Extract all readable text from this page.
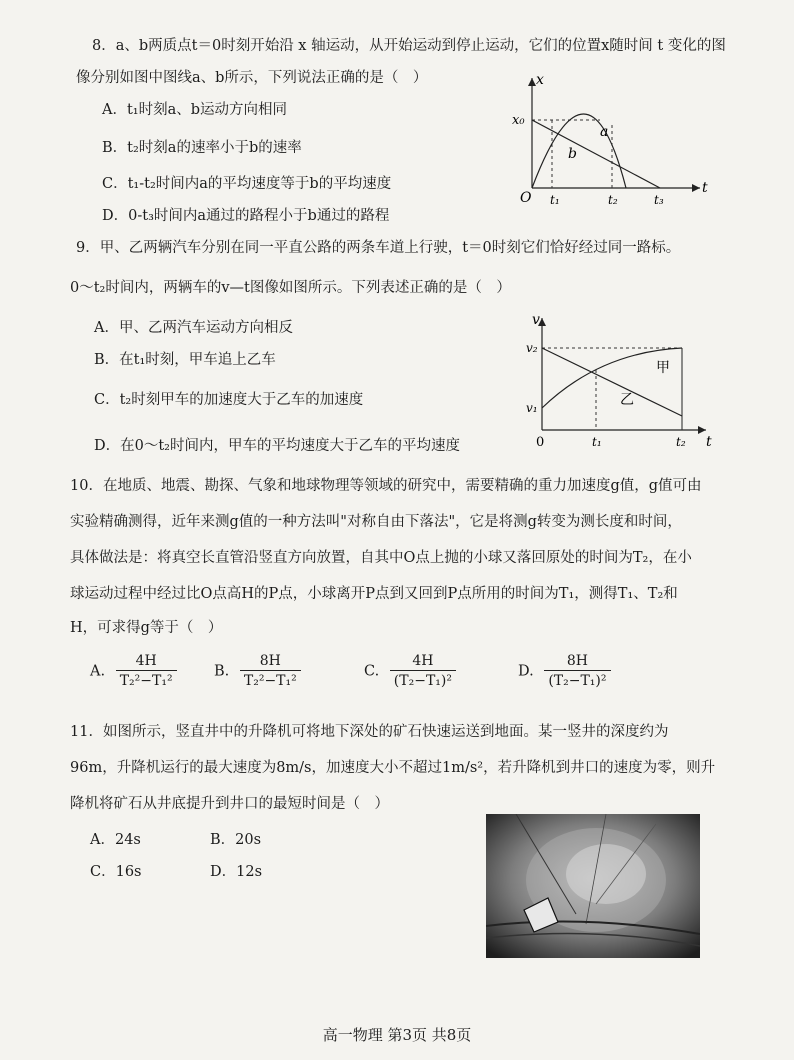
8．a、b两质点t＝0时刻开始沿 x 轴运动，从开始运动到停止运动，它们的位置x随时间 t 变化的图
像分别如图中图线a、b所示，下列说法正确的是（　）
A．t₁时刻a、b运动方向相同
B．t₂时刻a的速率小于b的速率
C．t₁-t₂时间内a的平均速度等于b的平均速度
D．0-t₃时间内a通过的路程小于b通过的路程
x
t
O
x₀
a
b
t₁	t₂	t₃
9．甲、乙两辆汽车分别在同一平直公路的两条车道上行驶，t＝0时刻它们恰好经过同一路标。
0～t₂时间内，两辆车的v—t图像如图所示。下列表述正确的是（　）
A．甲、乙两汽车运动方向相反
B．在t₁时刻，甲车追上乙车
C．t₂时刻甲车的加速度大于乙车的加速度
D．在0～t₂时间内，甲车的平均速度大于乙车的平均速度
v
t
0
v₂
v₁
甲
乙
t₁	t₂
10．在地质、地震、勘探、气象和地球物理等领域的研究中，需要精确的重力加速度g值，g值可由
实验精确测得，近年来测g值的一种方法叫"对称自由下落法"，它是将测g转变为测长度和时间，
具体做法是：将真空长直管沿竖直方向放置，自其中O点上抛的小球又落回原处的时间为T₂，在小
球运动过程中经过比O点高H的P点，小球离开P点到又回到P点所用的时间为T₁，测得T₁、T₂和
H，可求得g等于（　）
A. $\frac{4H}{\text{T₂²−T₁²}}$	B. $\frac{8H}{\text{T₂²−T₁²}}$	C. $\frac{4H}{\text{(T₂−T₁)²}}$	D. $\frac{8H}{\text{(T₂−T₁)²}}$
11．如图所示，竖直井中的升降机可将地下深处的矿石快速运送到地面。某一竖井的深度约为
96m，升降机运行的最大速度为8m/s，加速度大小不超过1m/s²，若升降机到井口的速度为零，则升
降机将矿石从井底提升到井口的最短时间是（　）
A．24s	B．20s
C．16s	D．12s
高一物理 第3页 共8页
